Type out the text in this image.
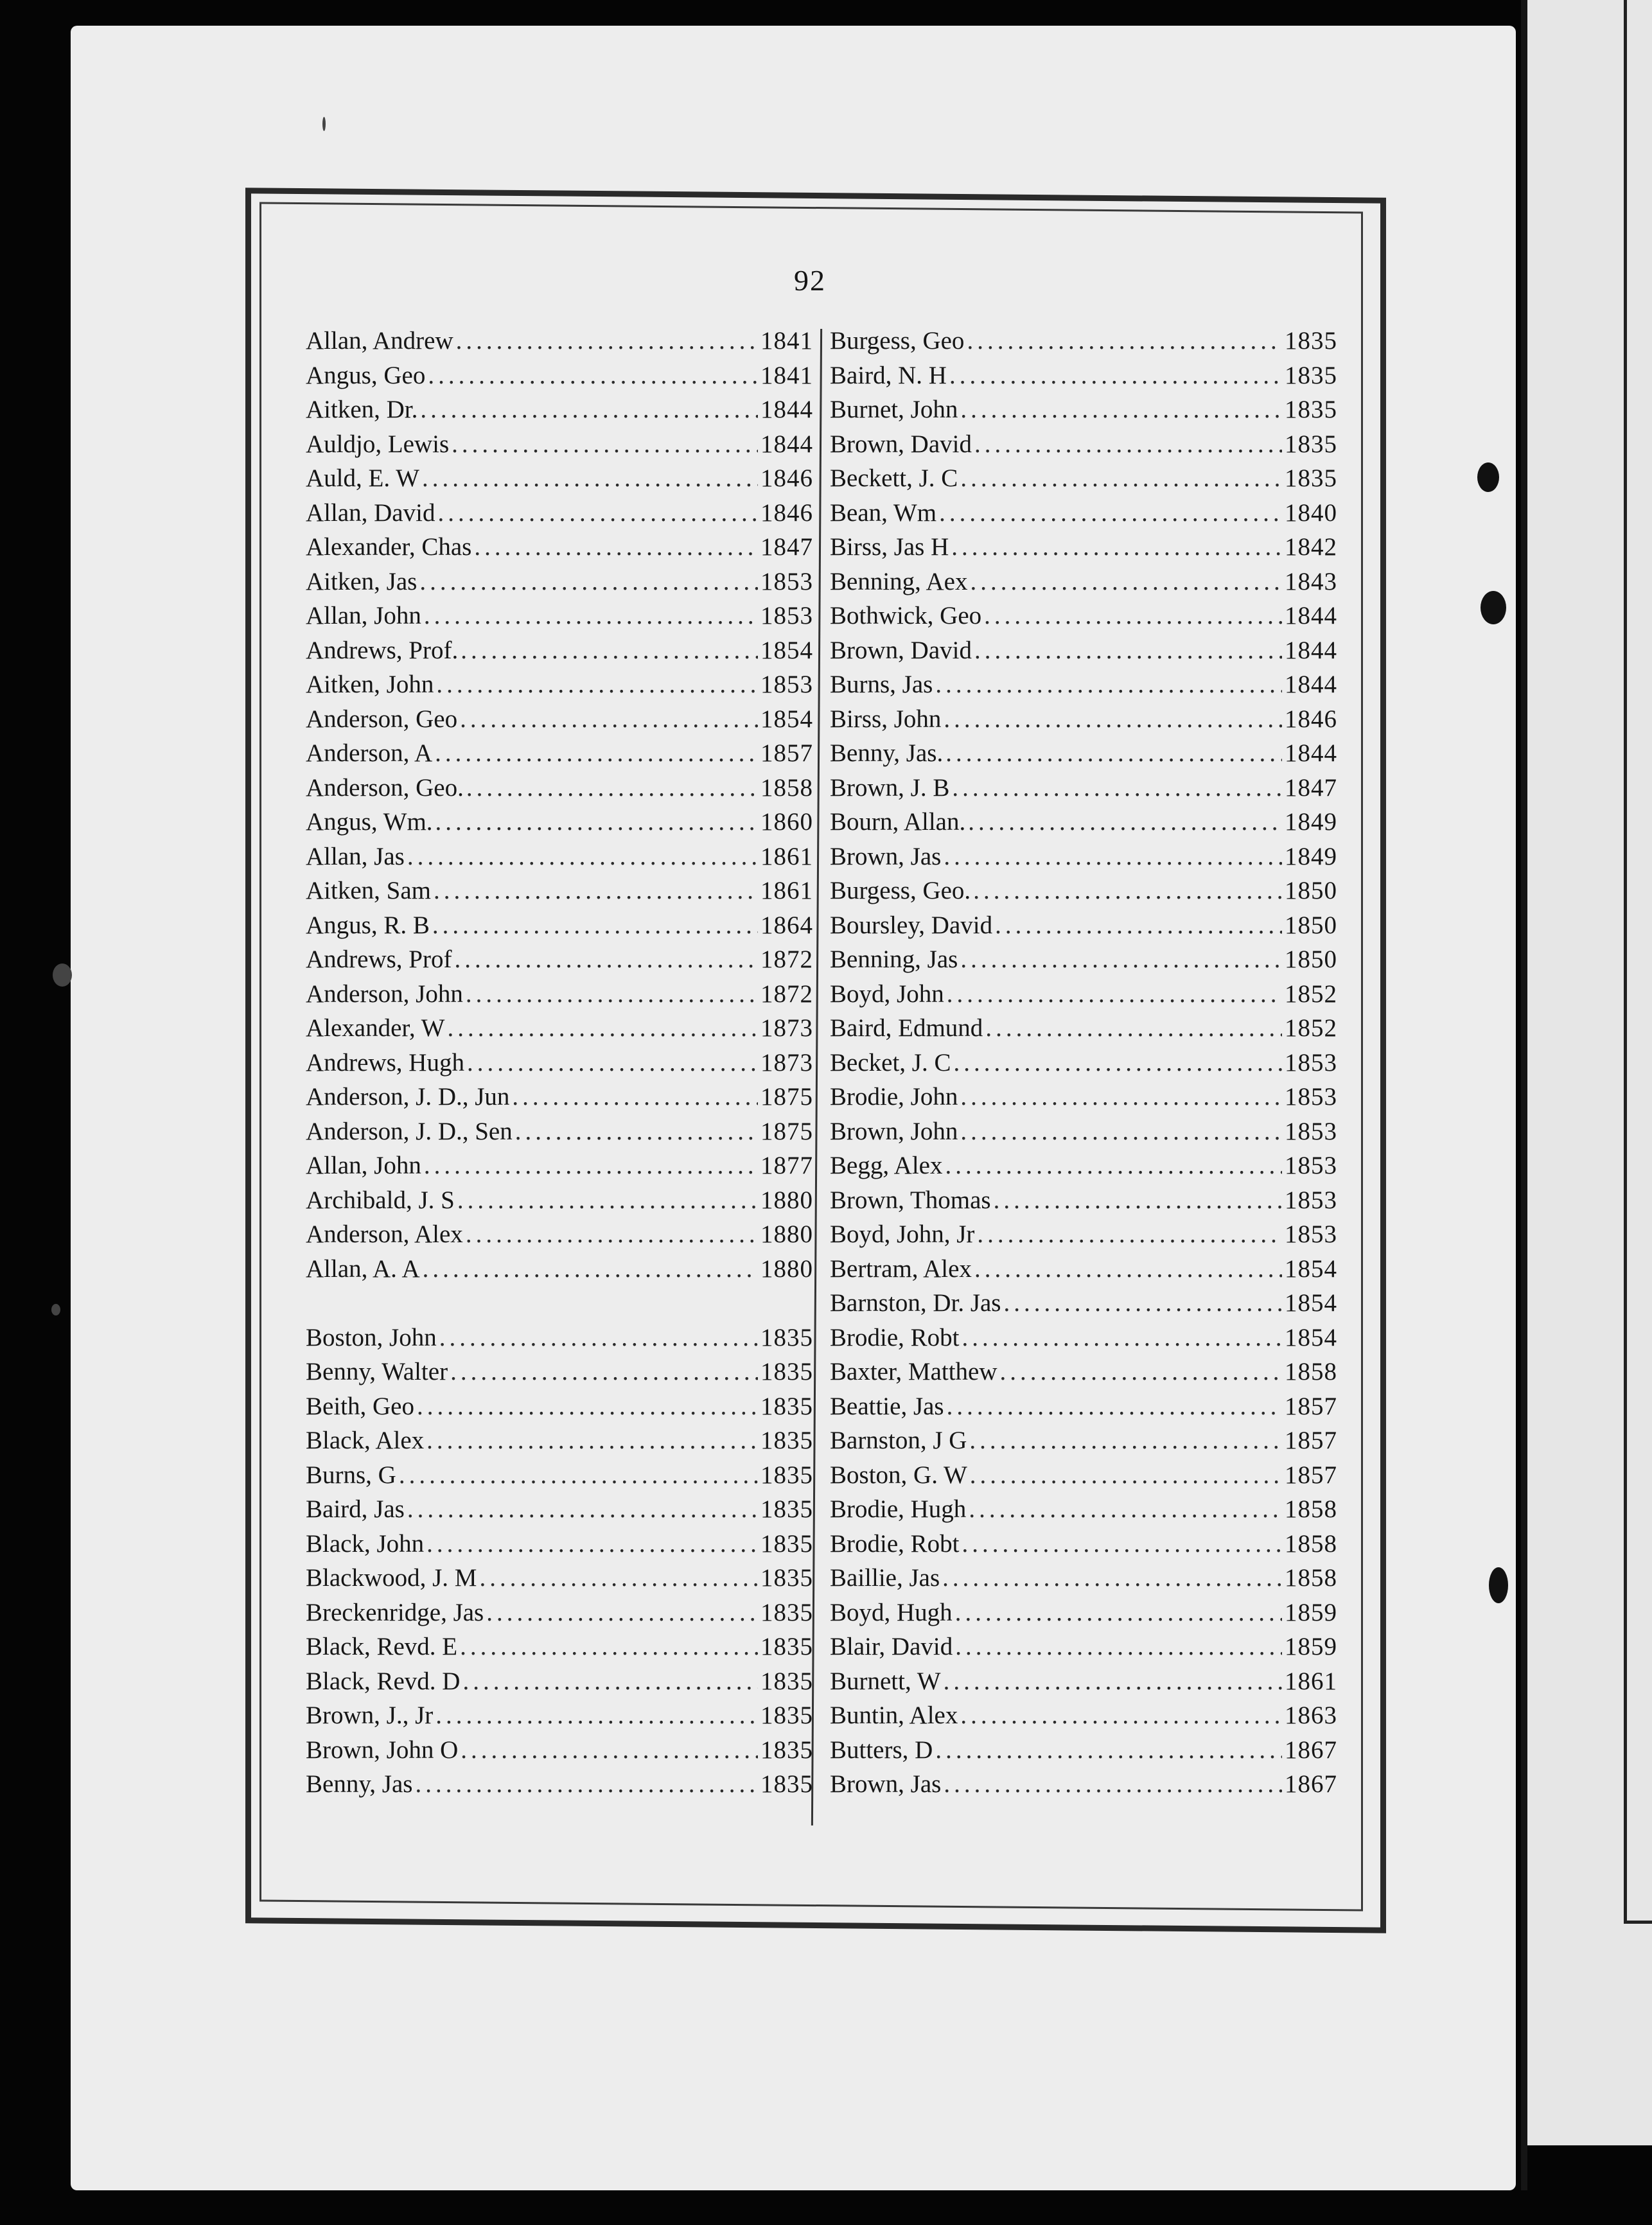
92
Allan, Andrew .....	1841
Angus, Geo .....	1841
Aitken, Dr. .....	1844
Auldjo, Lewis .....	1844
Auld, E. W .....	1846
Allan, David .....	1846
Alexander, Chas .....	1847
Aitken, Jas .....	1853
Allan, John .....	1853
Andrews, Prof. .....	1854
Aitken, John .....	1853
Anderson, Geo .....	1854
Anderson, A .....	1857
Anderson, Geo. .....	1858
Angus, Wm. .....	1860
Allan, Jas .....	1861
Aitken, Sam .....	1861
Angus, R. B .....	1864
Andrews, Prof .....	1872
Anderson, John .....	1872
Alexander, W .....	1873
Andrews, Hugh .....	1873
Anderson, J. D., Jun .....	1875
Anderson, J. D., Sen .....	1875
Allan, John .....	1877
Archibald, J. S .....	1880
Anderson, Alex .....	1880
Allan, A. A .....	1880
Boston, John .....	1835
Benny, Walter .....	1835
Beith, Geo .....	1835
Black, Alex .....	1835
Burns, G .....	1835
Baird, Jas .....	1835
Black, John .....	1835
Blackwood, J. M .....	1835
Breckenridge, Jas .....	1835
Black, Revd. E .....	1835
Black, Revd. D .....	1835
Brown, J., Jr .....	1835
Brown, John O .....	1835
Benny, Jas .....	1835
Burgess, Geo .....	1835
Baird, N. H .....	1835
Burnet, John .....	1835
Brown, David .....	1835
Beckett, J. C .....	1835
Bean, Wm .....	1840
Birss, Jas H .....	1842
Benning, Aex .....	1843
Bothwick, Geo .....	1844
Brown, David .....	1844
Burns, Jas .....	1844
Birss, John .....	1846
Benny, Jas. .....	1844
Brown, J. B .....	1847
Bourn, Allan. .....	1849
Brown, Jas .....	1849
Burgess, Geo. .....	1850
Boursley, David .....	1850
Benning, Jas .....	1850
Boyd, John .....	1852
Baird, Edmund .....	1852
Becket, J. C .....	1853
Brodie, John .....	1853
Brown, John .....	1853
Begg, Alex .....	1853
Brown, Thomas .....	1853
Boyd, John, Jr .....	1853
Bertram, Alex .....	1854
Barnston, Dr. Jas .....	1854
Brodie, Robt .....	1854
Baxter, Matthew .....	1858
Beattie, Jas .....	1857
Barnston, J G .....	1857
Boston, G. W .....	1857
Brodie, Hugh .....	1858
Brodie, Robt .....	1858
Baillie, Jas .....	1858
Boyd, Hugh .....	1859
Blair, David .....	1859
Burnett, W .....	1861
Buntin, Alex .....	1863
Butters, D .....	1867
Brown, Jas .....	1867
